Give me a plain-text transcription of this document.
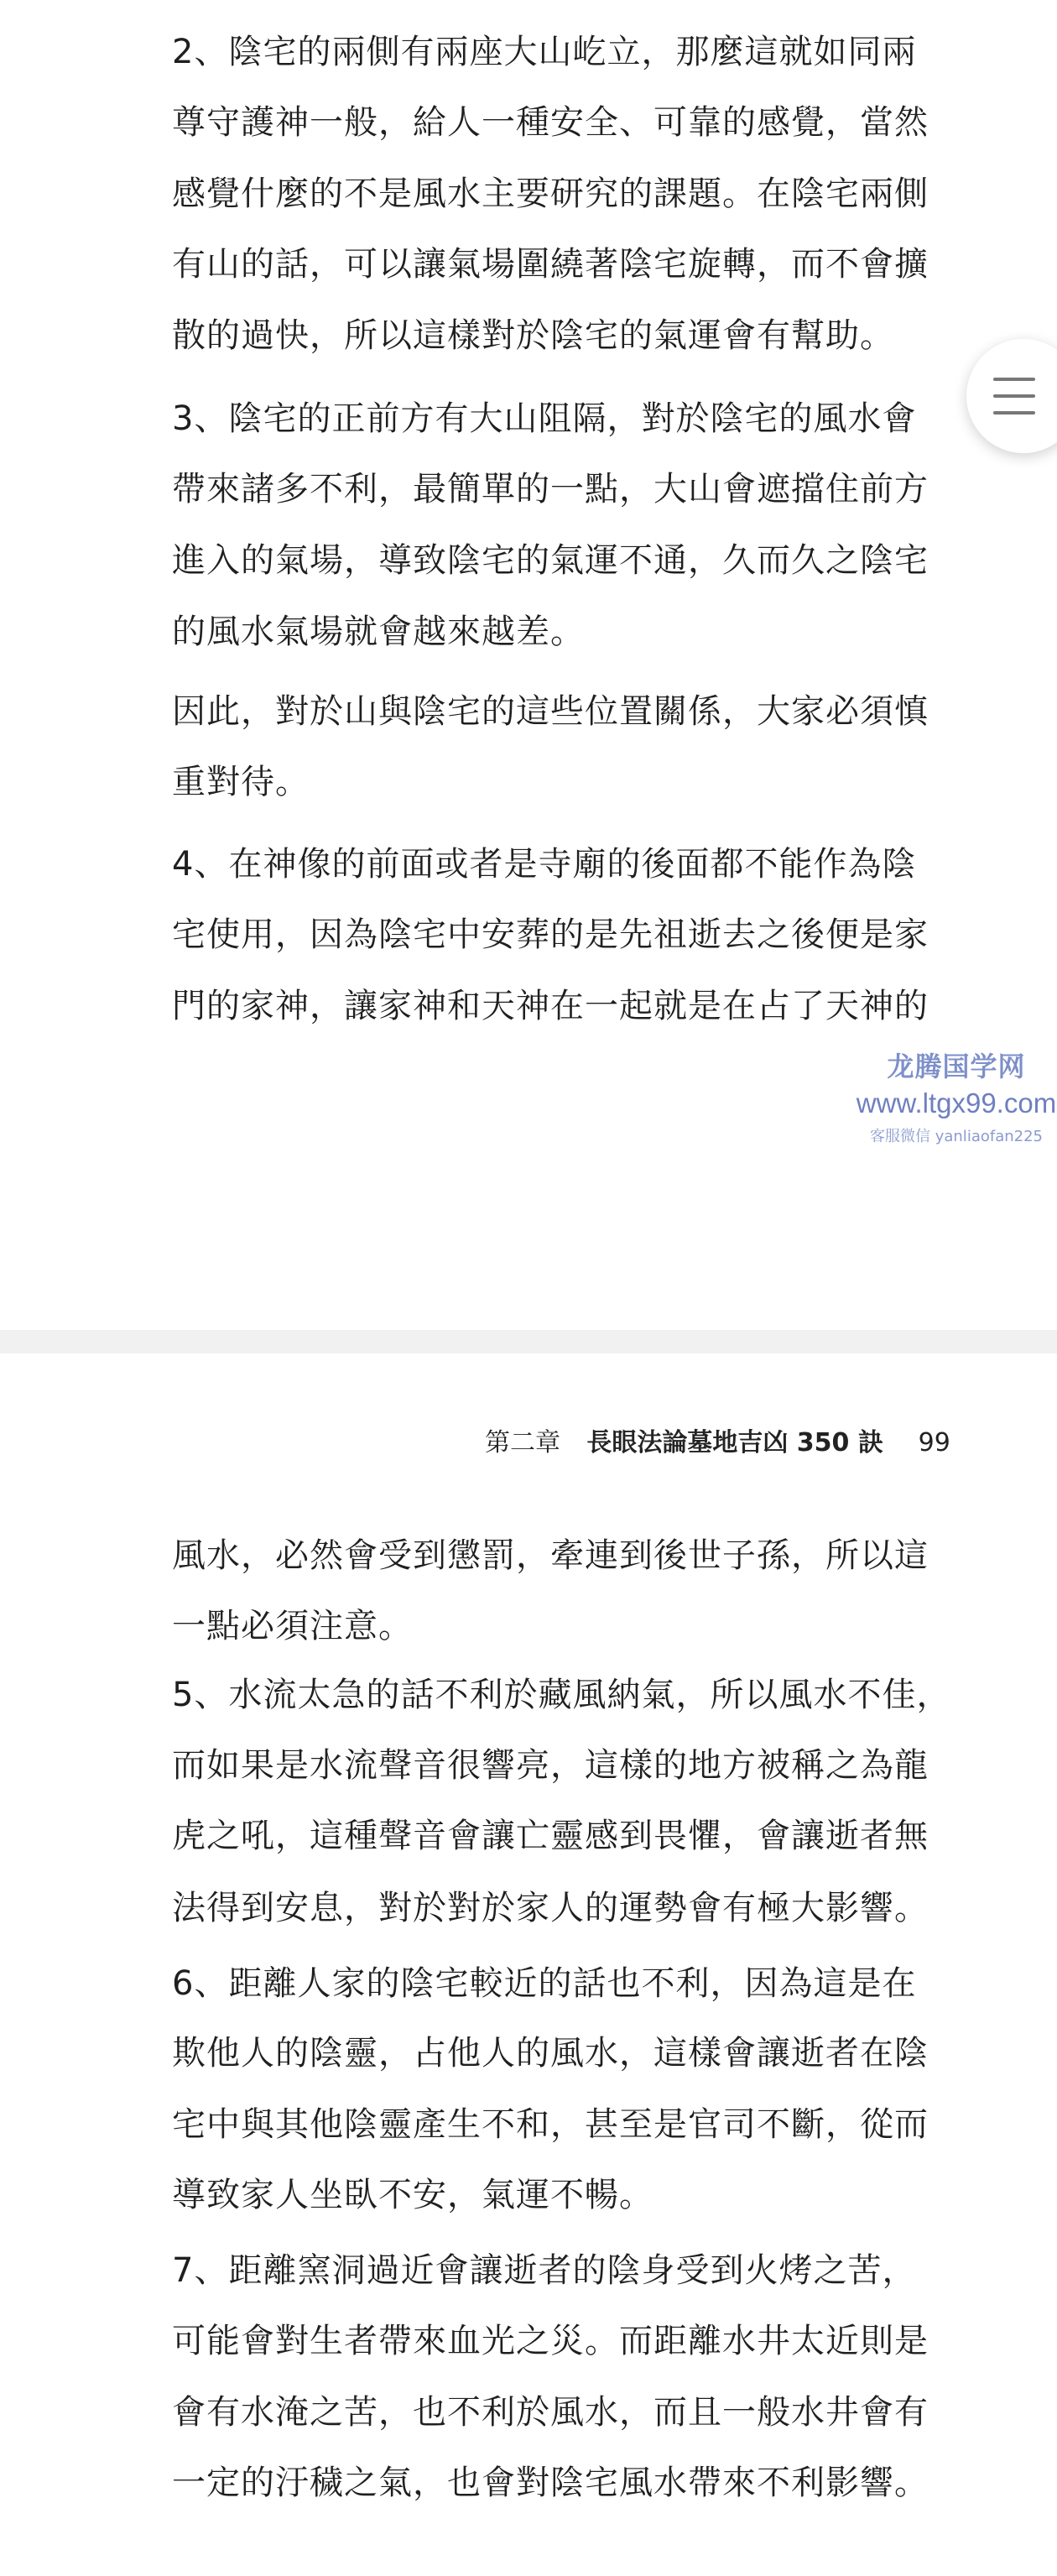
2、陰宅的兩側有兩座大山屹立，那麼這就如同兩
尊守護神一般，給人一種安全、可靠的感覺，當然
感覺什麼的不是風水主要研究的課題。在陰宅兩側
有山的話，可以讓氣場圍繞著陰宅旋轉，而不會擴
散的過快，所以這樣對於陰宅的氣運會有幫助。
3、陰宅的正前方有大山阻隔，對於陰宅的風水會
帶來諸多不利，最簡單的一點，大山會遮擋住前方
進入的氣場，導致陰宅的氣運不通，久而久之陰宅
的風水氣場就會越來越差。
因此，對於山與陰宅的這些位置關係，大家必須慎
重對待。
4、在神像的前面或者是寺廟的後面都不能作為陰
宅使用，因為陰宅中安葬的是先祖逝去之後便是家
門的家神，讓家神和天神在一起就是在占了天神的
龙腾国学网
www.ltgx99.com
客服微信 yanliaofan225
第二章 長眼法論墓地吉凶 350 訣 99
風水，必然會受到懲罰，牽連到後世子孫，所以這
一點必須注意。
5、水流太急的話不利於藏風納氣，所以風水不佳，
而如果是水流聲音很響亮，這樣的地方被稱之為龍
虎之吼，這種聲音會讓亡靈感到畏懼，會讓逝者無
法得到安息，對於對於家人的運勢會有極大影響。
6、距離人家的陰宅較近的話也不利，因為這是在
欺他人的陰靈，占他人的風水，這樣會讓逝者在陰
宅中與其他陰靈產生不和，甚至是官司不斷，從而
導致家人坐臥不安，氣運不暢。
7、距離窯洞過近會讓逝者的陰身受到火烤之苦，
可能會對生者帶來血光之災。而距離水井太近則是
會有水淹之苦，也不利於風水，而且一般水井會有
一定的汙穢之氣，也會對陰宅風水帶來不利影響。
